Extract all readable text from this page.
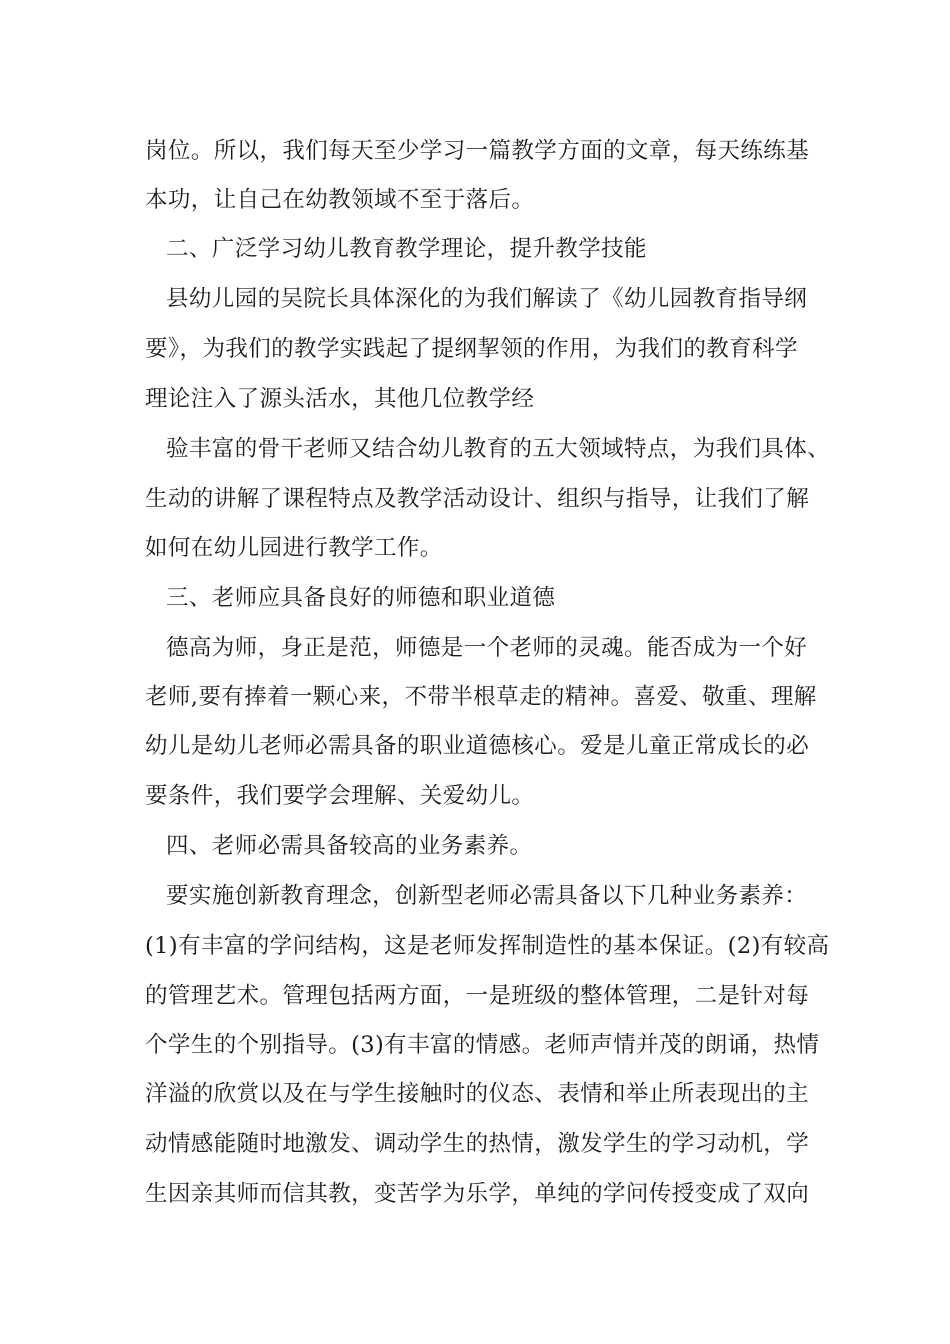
岗位。所以，我们每天至少学习一篇教学方面的文章，每天练练基
本功，让自己在幼教领域不至于落后。
二、广泛学习幼儿教育教学理论，提升教学技能
县幼儿园的吴院长具体深化的为我们解读了《幼儿园教育指导纲
要》，为我们的教学实践起了提纲挈领的作用，为我们的教育科学
理论注入了源头活水，其他几位教学经
验丰富的骨干老师又结合幼儿教育的五大领域特点，为我们具体、
生动的讲解了课程特点及教学活动设计、组织与指导，让我们了解
如何在幼儿园进行教学工作。
三、老师应具备良好的师德和职业道德
德高为师，身正是范，师德是一个老师的灵魂。能否成为一个好
老师,要有捧着一颗心来，不带半根草走的精神。喜爱、敬重、理解
幼儿是幼儿老师必需具备的职业道德核心。爱是儿童正常成长的必
要条件，我们要学会理解、关爱幼儿。
四、老师必需具备较高的业务素养。
要实施创新教育理念，创新型老师必需具备以下几种业务素养：
(1)有丰富的学问结构，这是老师发挥制造性的基本保证。(2)有较高
的管理艺术。管理包括两方面，一是班级的整体管理，二是针对每
个学生的个别指导。(3)有丰富的情感。老师声情并茂的朗诵，热情
洋溢的欣赏以及在与学生接触时的仪态、表情和举止所表现出的主
动情感能随时地激发、调动学生的热情，激发学生的学习动机，学
生因亲其师而信其教，变苦学为乐学，单纯的学问传授变成了双向
